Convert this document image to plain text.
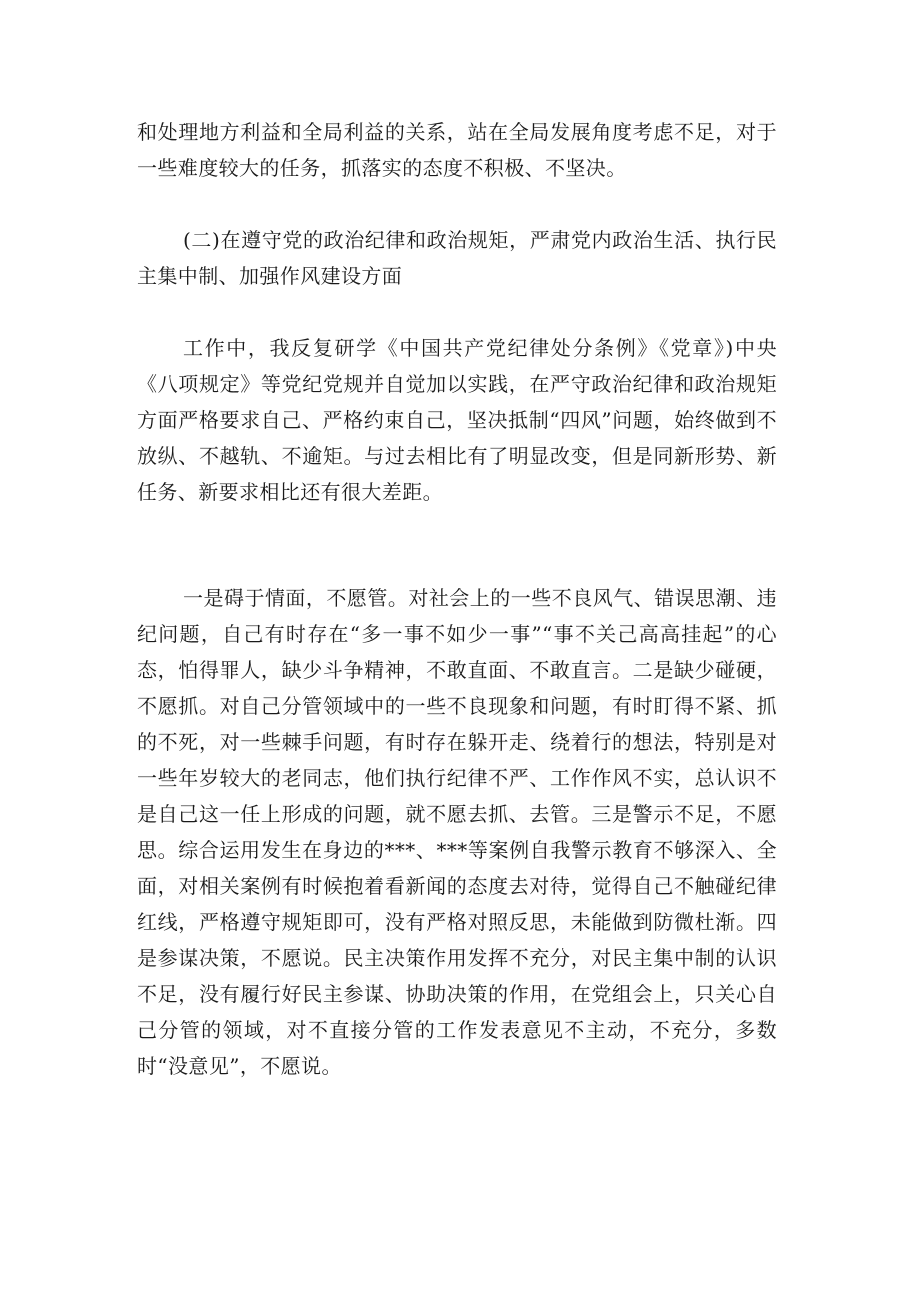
和处理地方利益和全局利益的关系，站在全局发展角度考虑不足，对于一些难度较大的任务，抓落实的态度不积极、不坚决。

(二)在遵守党的政治纪律和政治规矩，严肃党内政治生活、执行民主集中制、加强作风建设方面

工作中，我反复研学《中国共产党纪律处分条例》《党章》)中央《八项规定》等党纪党规并自觉加以实践，在严守政治纪律和政治规矩方面严格要求自己、严格约束自己，坚决抵制“四风”问题，始终做到不放纵、不越轨、不逾矩。与过去相比有了明显改变，但是同新形势、新任务、新要求相比还有很大差距。

一是碍于情面，不愿管。对社会上的一些不良风气、错误思潮、违纪问题，自己有时存在“多一事不如少一事”“事不关己高高挂起”的心态，怕得罪人，缺少斗争精神，不敢直面、不敢直言。二是缺少碰硬，不愿抓。对自己分管领域中的一些不良现象和问题，有时盯得不紧、抓的不死，对一些棘手问题，有时存在躲开走、绕着行的想法，特别是对一些年岁较大的老同志，他们执行纪律不严、工作作风不实，总认识不是自己这一任上形成的问题，就不愿去抓、去管。三是警示不足，不愿思。综合运用发生在身边的***、***等案例自我警示教育不够深入、全面，对相关案例有时候抱着看新闻的态度去对待，觉得自己不触碰纪律红线，严格遵守规矩即可，没有严格对照反思，未能做到防微杜渐。四是参谋决策，不愿说。民主决策作用发挥不充分，对民主集中制的认识不足，没有履行好民主参谋、协助决策的作用，在党组会上，只关心自己分管的领域，对不直接分管的工作发表意见不主动，不充分，多数时“没意见”，不愿说。
